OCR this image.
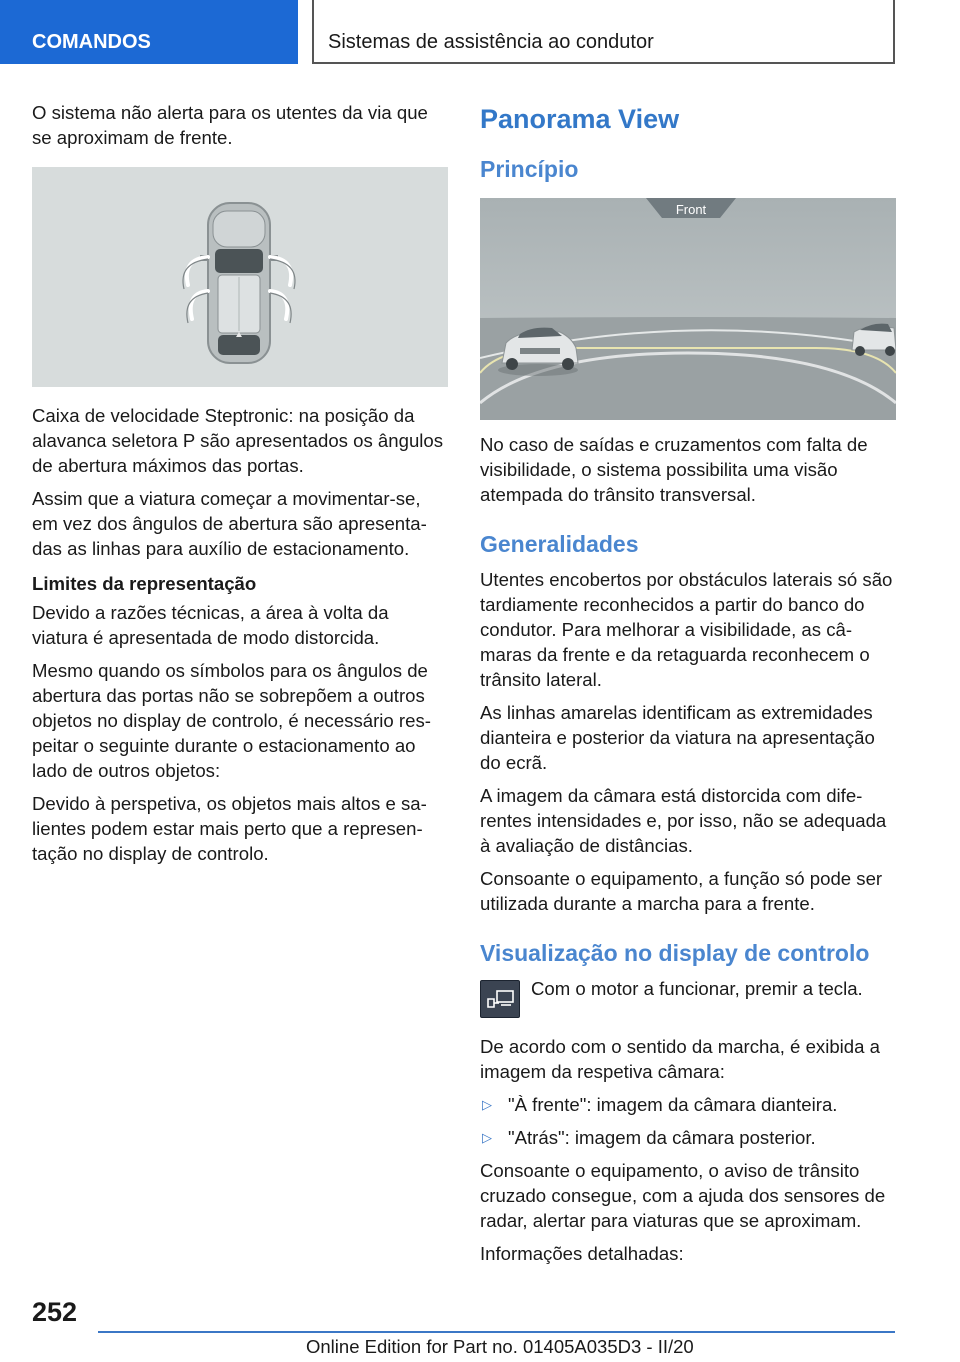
COMANDOS	Sistemas de assistência ao condutor

O sistema não alerta para os utentes da via que se aproximam de frente.

Caixa de velocidade Steptronic: na posição da alavanca seletora P são apresentados os ângulos de abertura máximos das portas.

Assim que a viatura começar a movimentar-se, em vez dos ângulos de abertura são apresenta-das as linhas para auxílio de estacionamento.

Limites da representação

Devido a razões técnicas, a área à volta da viatura é apresentada de modo distorcida.

Mesmo quando os símbolos para os ângulos de abertura das portas não se sobrepõem a outros objetos no display de controlo, é necessário res-peitar o seguinte durante o estacionamento ao lado de outros objetos:

Devido à perspetiva, os objetos mais altos e sa-lientes podem estar mais perto que a represen-tação no display de controlo.

Panorama View
Princípio
Front

No caso de saídas e cruzamentos com falta de visibilidade, o sistema possibilita uma visão atempada do trânsito transversal.

Generalidades

Utentes encobertos por obstáculos laterais só são tardiamente reconhecidos a partir do banco do condutor. Para melhorar a visibilidade, as câ-maras da frente e da retaguarda reconhecem o trânsito lateral.

As linhas amarelas identificam as extremidades dianteira e posterior da viatura na apresentação do ecrã.

A imagem da câmara está distorcida com dife-rentes intensidades e, por isso, não se adequada à avaliação de distâncias.

Consoante o equipamento, a função só pode ser utilizada durante a marcha para a frente.

Visualização no display de controlo
Com o motor a funcionar, premir a tecla.

De acordo com o sentido da marcha, é exibida a imagem da respetiva câmara:

▷ "À frente": imagem da câmara dianteira.
▷ "Atrás": imagem da câmara posterior.

Consoante o equipamento, o aviso de trânsito cruzado consegue, com a ajuda dos sensores de radar, alertar para viaturas que se aproximam.

Informações detalhadas:

252
Online Edition for Part no. 01405A035D3 - II/20
